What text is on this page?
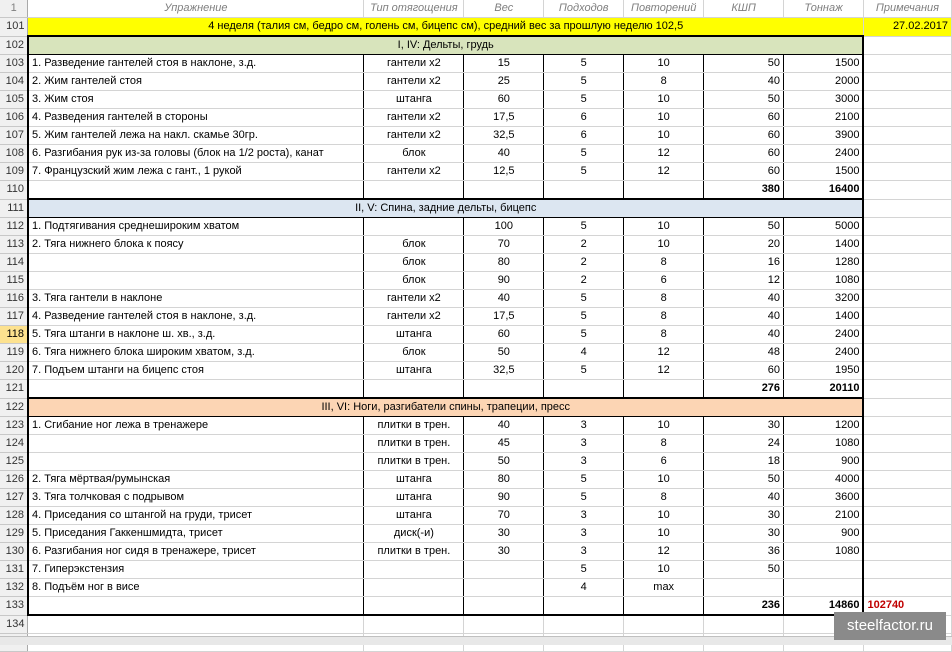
1	Упражнение	Тип отягощения	Вес	Подходов	Повторений	КШП	Тоннаж	Примечания
101	4 неделя (талия см, бедро см, голень см, бицепс см), средний вес за прошлую неделю 102,5							27.02.2017
102	I, IV: Дельты, грудь							
103	1. Разведение гантелей стоя в наклоне, з.д.	гантели х2	15	5	10	50	1500	
104	2. Жим гантелей стоя	гантели х2	25	5	8	40	2000	
105	3. Жим стоя	штанга	60	5	10	50	3000	
106	4. Разведения гантелей в стороны	гантели х2	17,5	6	10	60	2100	
107	5. Жим гантелей лежа на накл. скамье 30гр.	гантели х2	32,5	6	10	60	3900	
108	6. Разгибания рук из-за головы (блок на 1/2 роста), канат	блок	40	5	12	60	2400	
109	7. Французский жим лежа с гант., 1 рукой	гантели х2	12,5	5	12	60	1500	
110						380	16400	
111	II, V: Спина, задние дельты, бицепс							
112	1. Подтягивания среднешироким хватом		100	5	10	50	5000	
113	2. Тяга нижнего блока к поясу	блок	70	2	10	20	1400	
114		блок	80	2	8	16	1280	
115		блок	90	2	6	12	1080	
116	3. Тяга гантели в наклоне	гантели х2	40	5	8	40	3200	
117	4. Разведение гантелей стоя в наклоне, з.д.	гантели х2	17,5	5	8	40	1400	
118	5. Тяга штанги в наклоне ш. хв., з.д.	штанга	60	5	8	40	2400	
119	6. Тяга нижнего блока широким хватом, з.д.	блок	50	4	12	48	2400	
120	7. Подъем штанги на бицепс стоя	штанга	32,5	5	12	60	1950	
121						276	20110	
122	III, VI: Ноги, разгибатели спины, трапеции, пресс							
123	1. Сгибание ног лежа в тренажере	плитки в трен.	40	3	10	30	1200	
124		плитки в трен.	45	3	8	24	1080	
125		плитки в трен.	50	3	6	18	900	
126	2. Тяга мёртвая/румынская	штанга	80	5	10	50	4000	
127	3. Тяга толчковая с подрывом	штанга	90	5	8	40	3600	
128	4. Приседания со штангой на груди, трисет	штанга	70	3	10	30	2100	
129	5. Приседания Гаккеншмидта, трисет	диск(-и)	30	3	10	30	900	
130	6. Разгибания ног сидя в тренажере, трисет	плитки в трен.	30	3	12	36	1080	
131	7. Гиперэкстензия			5	10	50		
132	8. Подъём ног в висе			4	max			
133						236	14860	102740
134								
									steelfactor.ru
